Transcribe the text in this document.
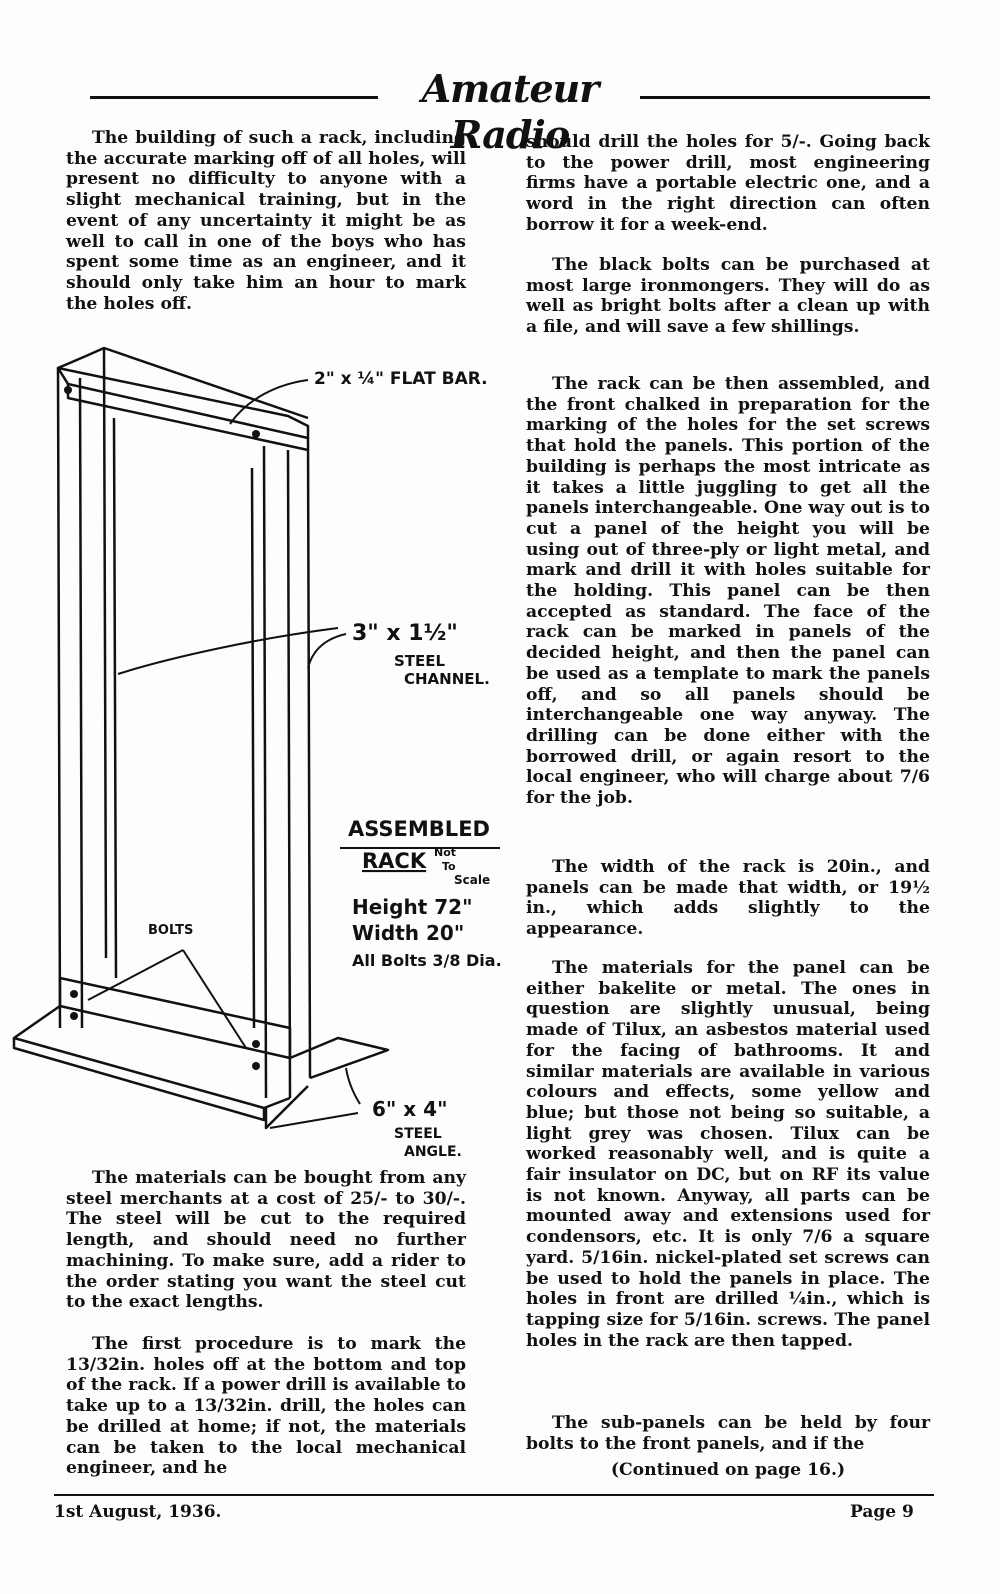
Amateur Radio

The building of such a rack, including the accurate marking off of all holes, will present no difficulty to anyone with a slight mechanical training, but in the event of any uncertainty it might be as well to call in one of the boys who has spent some time as an engineer, and it should only take him an hour to mark the holes off.

The materials can be bought from any steel merchants at a cost of 25/- to 30/-. The steel will be cut to the required length, and should need no further machining. To make sure, add a rider to the order stating you want the steel cut to the exact lengths.

The first procedure is to mark the 13/32in. holes off at the bottom and top of the rack. If a power drill is available to take up to a 13/32in. drill, the holes can be drilled at home; if not, the materials can be taken to the local mechanical engineer, and he

should drill the holes for 5/-. Going back to the power drill, most engineering firms have a portable electric one, and a word in the right direction can often borrow it for a week-end.

The black bolts can be purchased at most large ironmongers. They will do as well as bright bolts after a clean up with a file, and will save a few shillings.

The rack can be then assembled, and the front chalked in preparation for the marking of the holes for the set screws that hold the panels. This portion of the building is perhaps the most intricate as it takes a little juggling to get all the panels interchangeable. One way out is to cut a panel of the height you will be using out of three-ply or light metal, and mark and drill it with holes suitable for the holding. This panel can be then accepted as standard. The face of the rack can be marked in panels of the decided height, and then the panel can be used as a template to mark the panels off, and so all panels should be interchangeable one way anyway. The drilling can be done either with the borrowed drill, or again resort to the local engineer, who will charge about 7/6 for the job.

The width of the rack is 20in., and panels can be made that width, or 19½ in., which adds slightly to the appearance.

The materials for the panel can be either bakelite or metal. The ones in question are slightly unusual, being made of Tilux, an asbestos material used for the facing of bathrooms. It and similar materials are available in various colours and effects, some yellow and blue; but those not being so suitable, a light grey was chosen. Tilux can be worked reasonably well, and is quite a fair insulator on DC, but on RF its value is not known. Anyway, all parts can be mounted away and extensions used for condensors, etc. It is only 7/6 a square yard. 5/16in. nickel-plated set screws can be used to hold the panels in place. The holes in front are drilled ¼in., which is tapping size for 5/16in. screws. The panel holes in the rack are then tapped.

The sub-panels can be held by four bolts to the front panels, and if the

(Continued on page 16.)
2" x ¼" FLAT BAR.
3" x 1½"
STEEL
CHANNEL.
ASSEMBLED
RACK Not
To
Scale
Height 72"
Width 20"
All Bolts 3/8 Dia.
BOLTS
6" x 4"
STEEL
ANGLE.
1st August, 1936.	Page 9
